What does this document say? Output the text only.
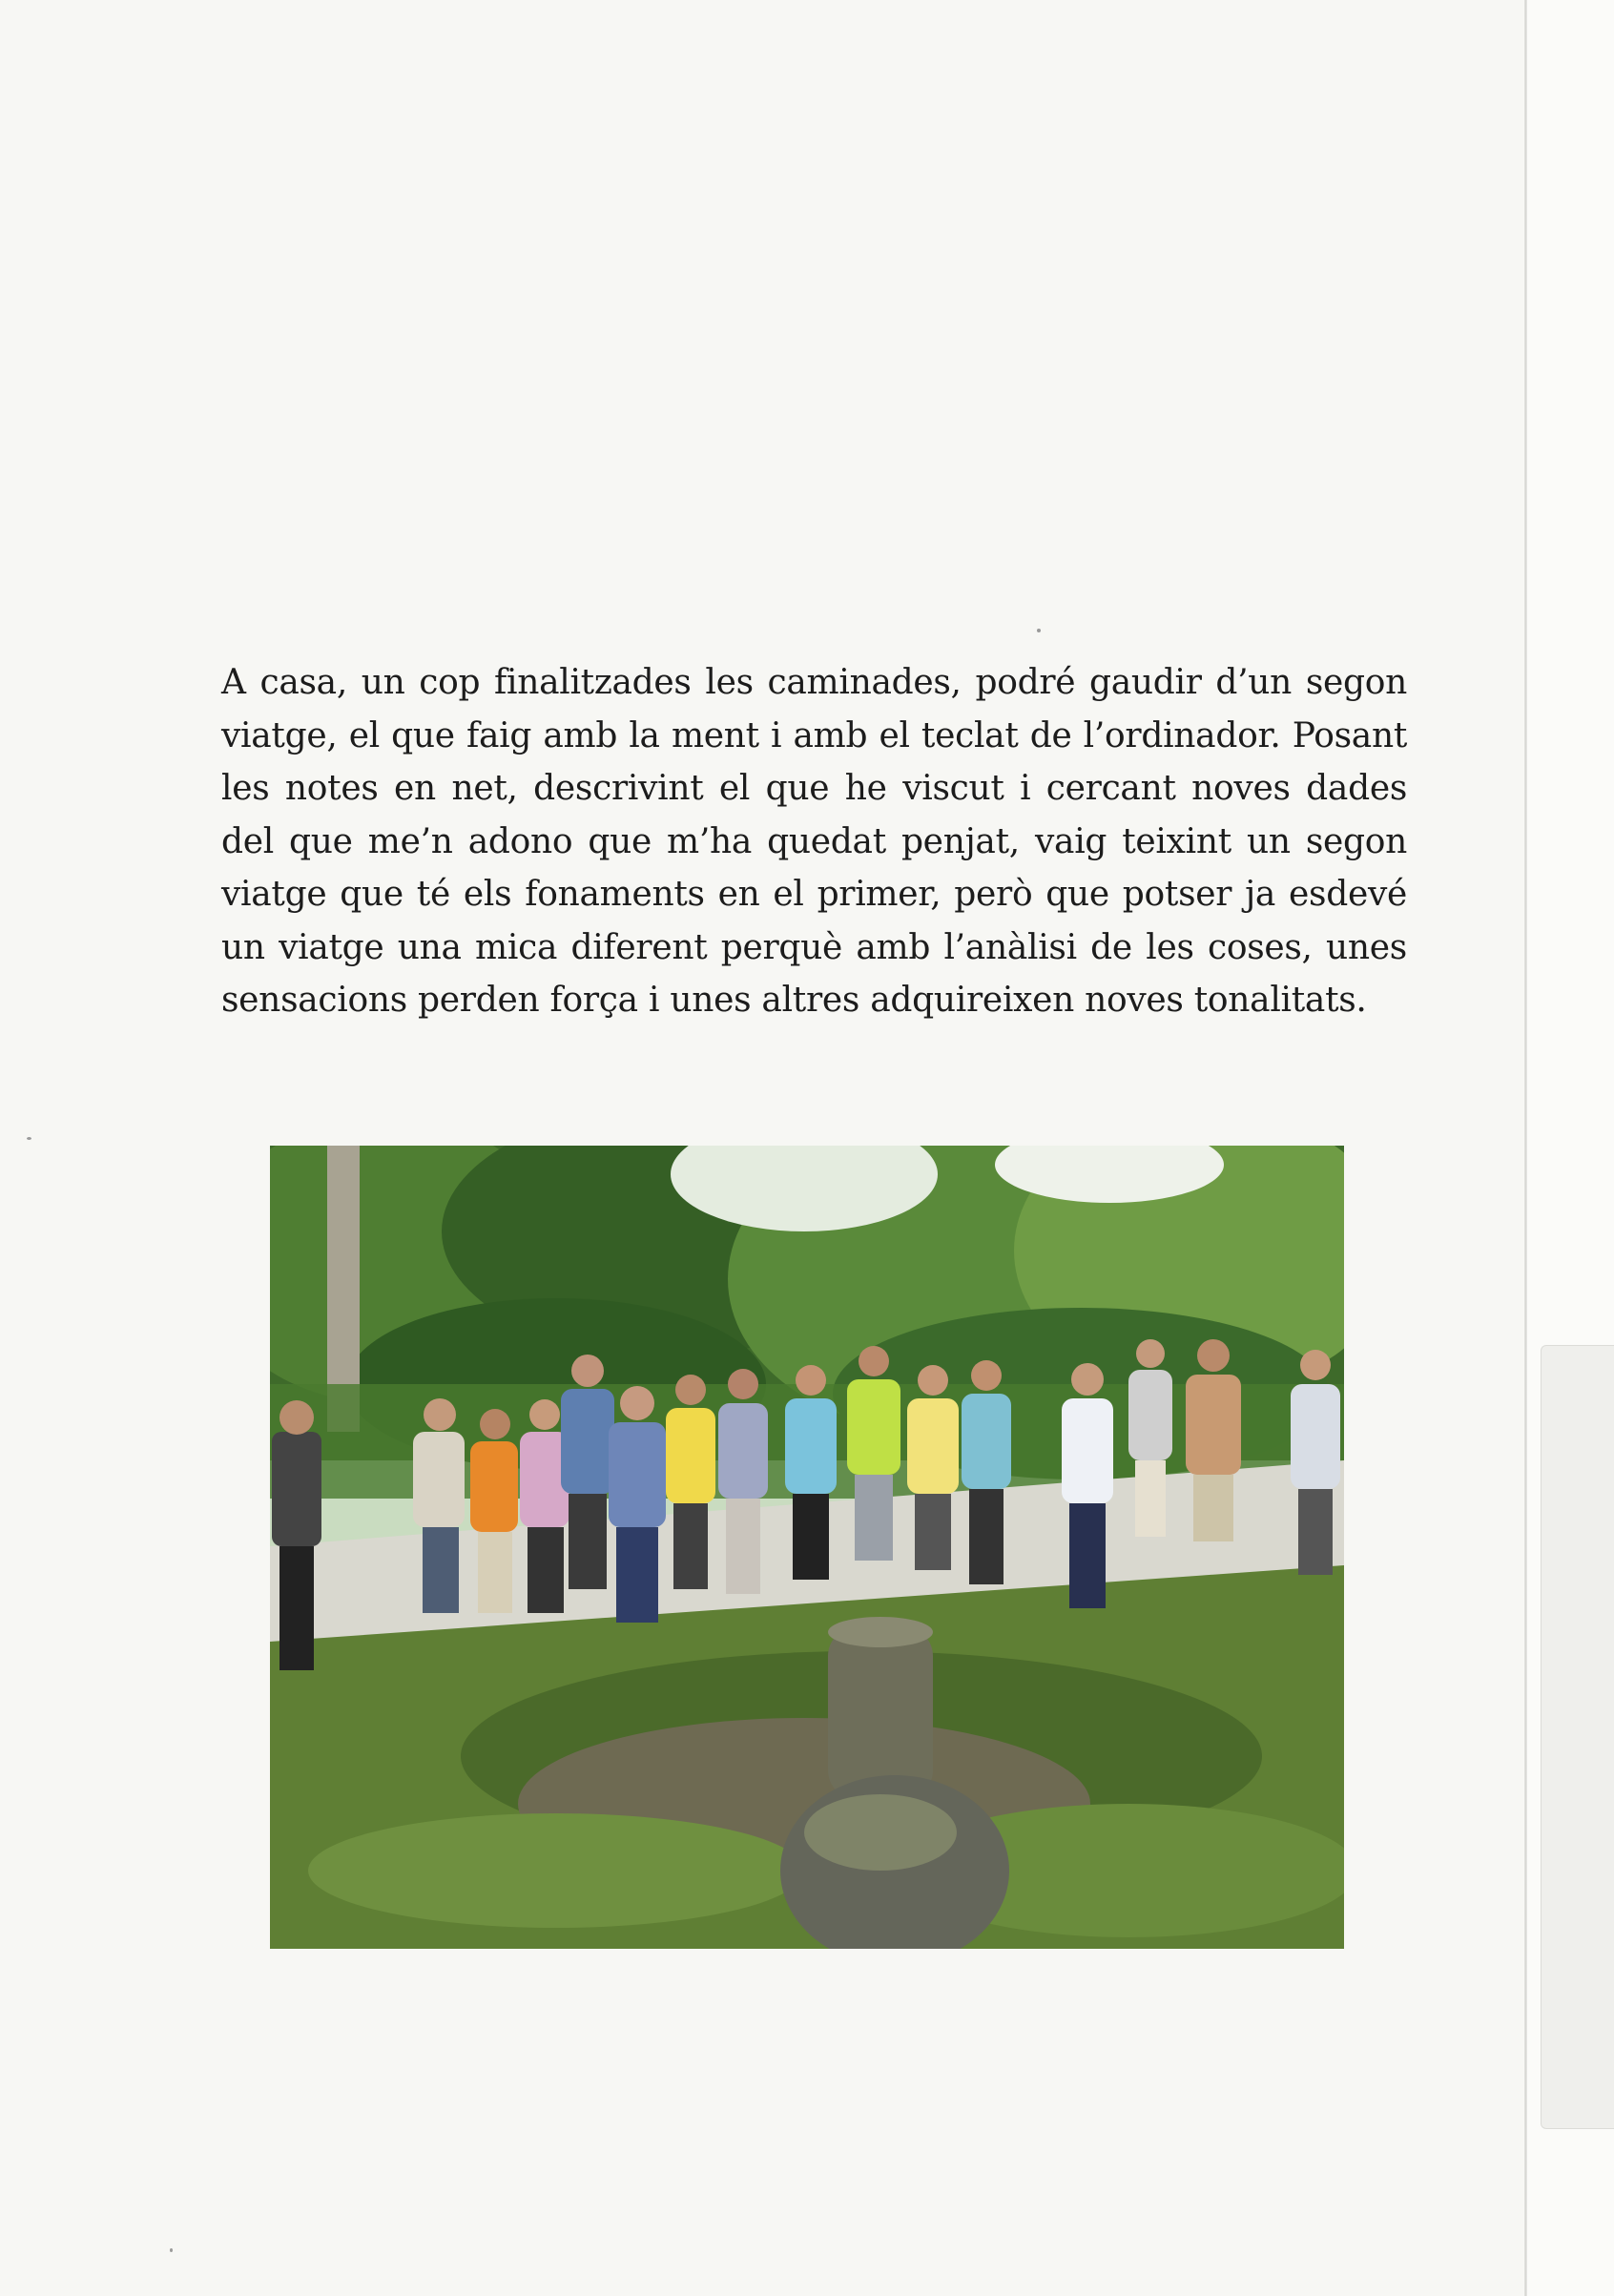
A casa, un cop finalitzades les caminades, podré gaudir d’un segon viatge, el que faig amb la ment i amb el teclat de l’ordinador. Posant les notes en net, descrivint el que he viscut i cercant noves dades del que me’n adono que m’ha quedat penjat, vaig teixint un segon viatge que té els fonaments en el primer, però que potser ja esdevé un viatge una mica diferent perquè amb l’anàlisi de les coses, unes sensacions perden força i unes altres adquireixen noves tonalitats.
